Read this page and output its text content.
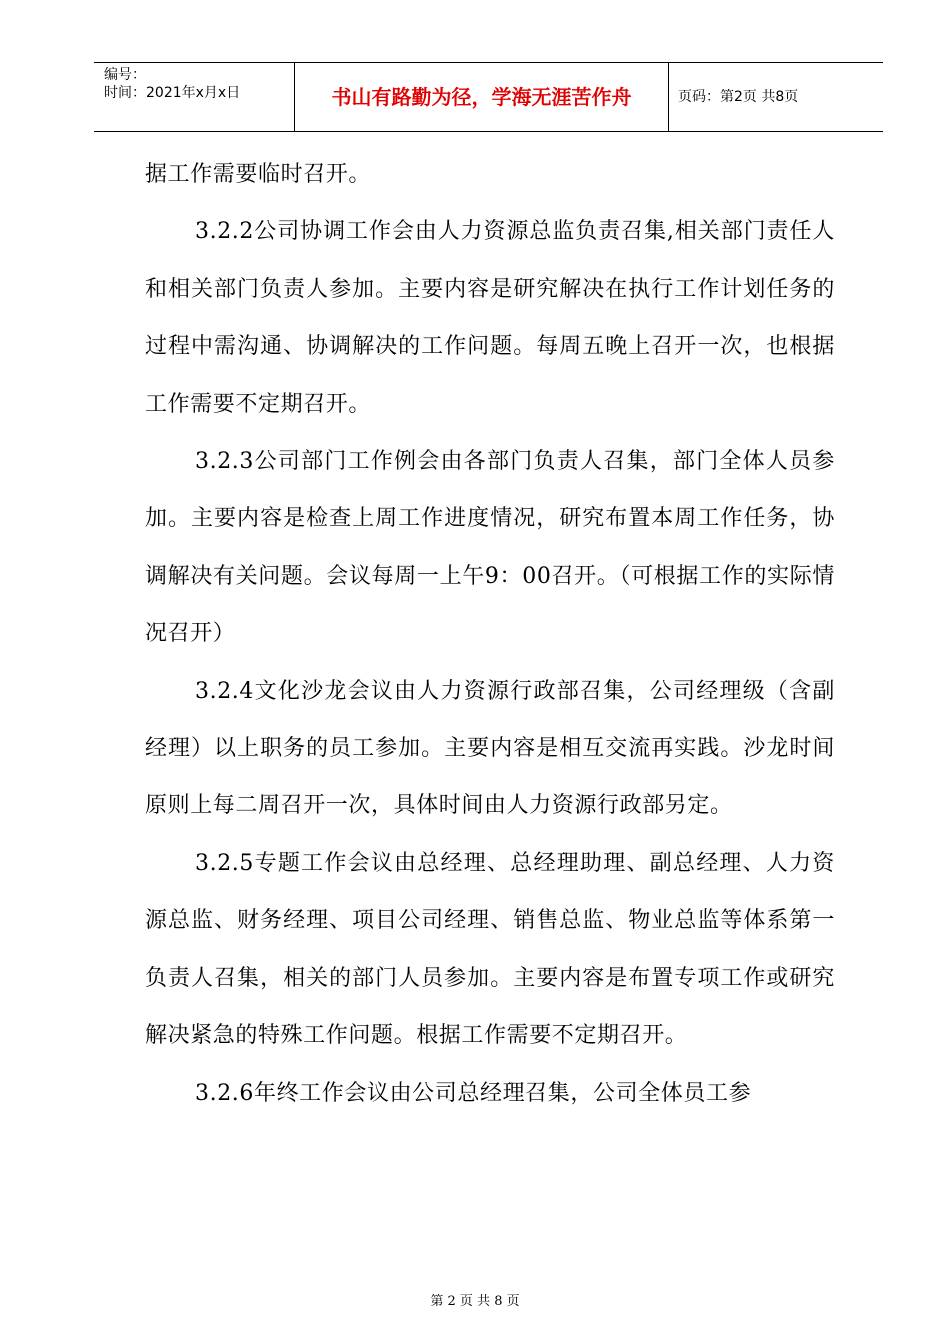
编号：
时间：2021年x月x日	书山有路勤为径，学海无涯苦作舟	页码：第2页 共8页

据工作需要临时召开。

3.2.2公司协调工作会由人力资源总监负责召集,相关部门责任人和相关部门负责人参加。主要内容是研究解决在执行工作计划任务的过程中需沟通、协调解决的工作问题。每周五晚上召开一次，也根据工作需要不定期召开。

3.2.3公司部门工作例会由各部门负责人召集，部门全体人员参加。主要内容是检查上周工作进度情况，研究布置本周工作任务，协调解决有关问题。会议每周一上午9：00召开。（可根据工作的实际情况召开）

3.2.4文化沙龙会议由人力资源行政部召集，公司经理级（含副经理）以上职务的员工参加。主要内容是相互交流再实践。沙龙时间原则上每二周召开一次，具体时间由人力资源行政部另定。

3.2.5专题工作会议由总经理、总经理助理、副总经理、人力资源总监、财务经理、项目公司经理、销售总监、物业总监等体系第一负责人召集，相关的部门人员参加。主要内容是布置专项工作或研究解决紧急的特殊工作问题。根据工作需要不定期召开。

3.2.6年终工作会议由公司总经理召集，公司全体员工参

第 2 页 共 8 页
